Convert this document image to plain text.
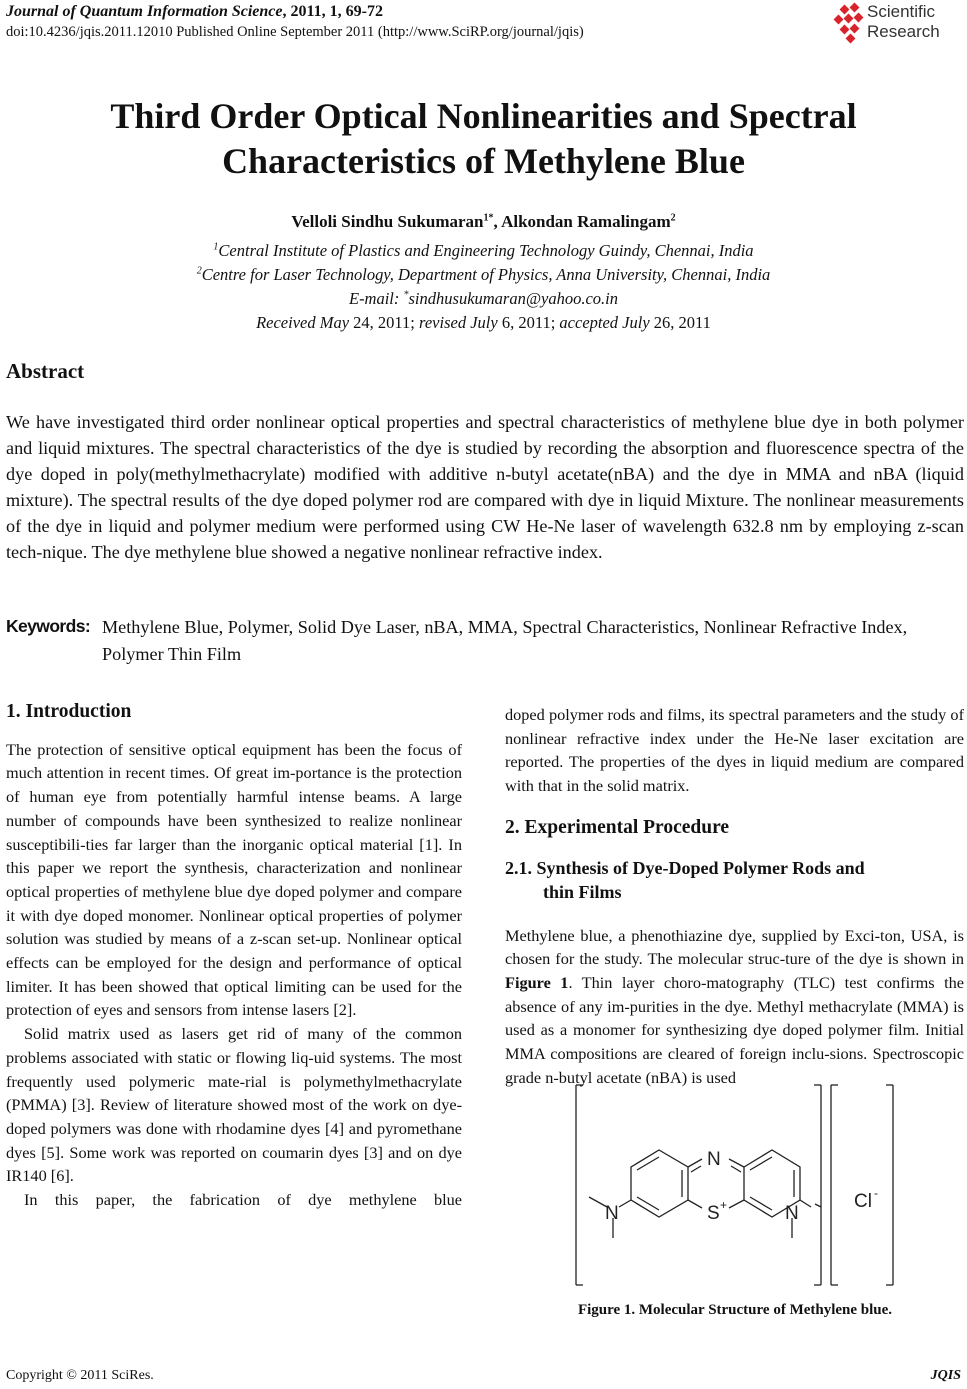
Journal of Quantum Information Science, 2011, 1, 69-72
doi:10.4236/jqis.2011.12010 Published Online September 2011 (http://www.SciRP.org/journal/jqis)
Scientific
Research
Third Order Optical Nonlinearities and Spectral
Characteristics of Methylene Blue
Velloli Sindhu Sukumaran$^{1*}$, Alkondan Ramalingam$^2$
$^1$Central Institute of Plastics and Engineering Technology Guindy, Chennai, India
$^2$Centre for Laser Technology, Department of Physics, Anna University, Chennai, India
E-mail: *sindhusukumaran@yahoo.co.in
Received May 24, 2011; revised July 6, 2011; accepted July 26, 2011
Abstract
We have investigated third order nonlinear optical properties and spectral characteristics of methylene blue dye in both polymer and liquid mixtures. The spectral characteristics of the dye is studied by recording the absorption and fluorescence spectra of the dye doped in poly(methylmethacrylate) modified with additive n-butyl acetate(nBA) and the dye in MMA and nBA (liquid mixture). The spectral results of the dye doped polymer rod are compared with dye in liquid Mixture. The nonlinear measurements of the dye in liquid and polymer medium were performed using CW He-Ne laser of wavelength 632.8 nm by employing z-scan tech-nique. The dye methylene blue showed a negative nonlinear refractive index.
Keywords: Methylene Blue, Polymer, Solid Dye Laser, nBA, MMA, Spectral Characteristics, Nonlinear Refractive Index, Polymer Thin Film
1. Introduction

The protection of sensitive optical equipment has been the focus of much attention in recent times. Of great im-portance is the protection of human eye from potentially harmful intense beams. A large number of compounds have been synthesized to realize nonlinear susceptibili-ties far larger than the inorganic optical material [1]. In this paper we report the synthesis, characterization and nonlinear optical properties of methylene blue dye doped polymer and compare it with dye doped monomer. Nonlinear optical properties of polymer solution was studied by means of a z-scan set-up. Nonlinear optical effects can be employed for the design and performance of optical limiter. It has been showed that optical limiting can be used for the protection of eyes and sensors from intense lasers [2].

Solid matrix used as lasers get rid of many of the common problems associated with static or flowing liq-uid systems. The most frequently used polymeric mate-rial is polymethylmethacrylate (PMMA) [3]. Review of literature showed most of the work on dye-doped polymers was done with rhodamine dyes [4] and pyromethane dyes [5]. Some work was reported on coumarin dyes [3] and on dye IR140 [6].

In this paper, the fabrication of dye methylene blue

doped polymer rods and films, its spectral parameters and the study of nonlinear refractive index under the He-Ne laser excitation are reported. The properties of the dyes in liquid medium are compared with that in the solid matrix.

2. Experimental Procedure
2.1. Synthesis of Dye-Doped Polymer Rods and
thin Films

Methylene blue, a phenothiazine dye, supplied by Exci-ton, USA, is chosen for the study. The molecular struc-ture of the dye is shown in Figure 1. Thin layer choro-matography (TLC) test confirms the absence of any im-purities in the dye. Methyl methacrylate (MMA) is used as a monomer for synthesizing dye doped polymer film. Initial MMA compositions are cleared of foreign inclu-sions. Spectroscopic grade n-butyl acetate (nBA) is used

N
N	S +	N
Cl -
Figure 1. Molecular Structure of Methylene blue.
Copyright © 2011 SciRes.	JQIS
